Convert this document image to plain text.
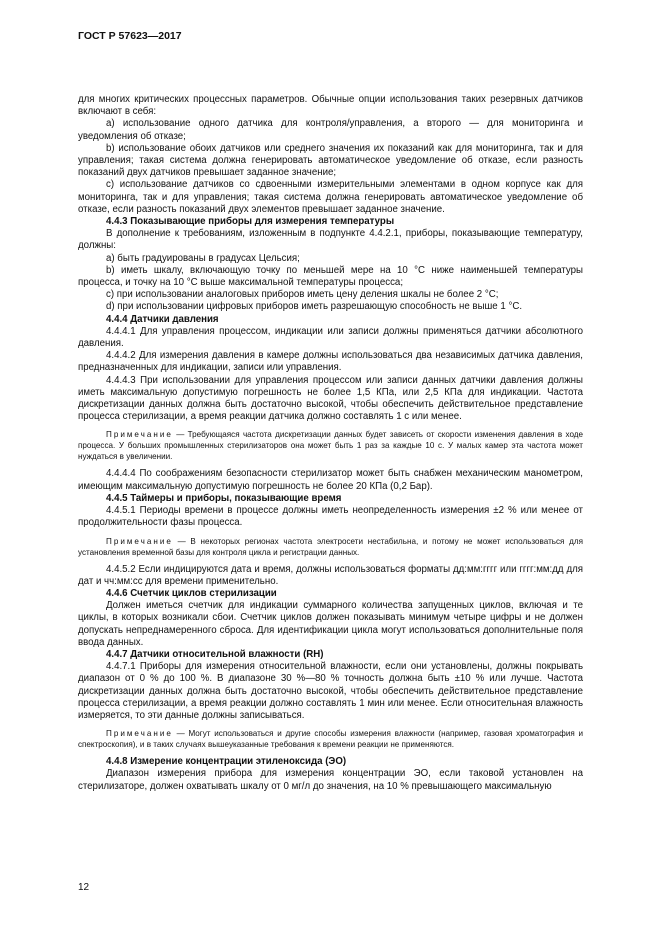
ГОСТ Р 57623—2017

для многих критических процессных параметров. Обычные опции использования таких резервных датчиков включают в себя:

a) использование одного датчика для контроля/управления, а второго — для мониторинга и уведомления об отказе;

b) использование обоих датчиков или среднего значения их показаний как для мониторинга, так и для управления; такая система должна генерировать автоматическое уведомление об отказе, если разность показаний двух датчиков превышает заданное значение;

c) использование датчиков со сдвоенными измерительными элементами в одном корпусе как для мониторинга, так и для управления; такая система должна генерировать автоматическое уведомление об отказе, если разность показаний двух элементов превышает заданное значение.

4.4.3 Показывающие приборы для измерения температуры

В дополнение к требованиям, изложенным в подпункте 4.4.2.1, приборы, показывающие температуру, должны:

a) быть градуированы в градусах Цельсия;

b) иметь шкалу, включающую точку по меньшей мере на 10 °C ниже наименьшей температуры процесса, и точку на 10 °C выше максимальной температуры процесса;

c) при использовании аналоговых приборов иметь цену деления шкалы не более 2 °C;

d) при использовании цифровых приборов иметь разрешающую способность не выше 1 °C.

4.4.4 Датчики давления

4.4.4.1 Для управления процессом, индикации или записи должны применяться датчики абсолютного давления.

4.4.4.2 Для измерения давления в камере должны использоваться два независимых датчика давления, предназначенных для индикации, записи или управления.

4.4.4.3 При использовании для управления процессом или записи данных датчики давления должны иметь максимальную допустимую погрешность не более 1,5 КПа, или 2,5 КПа для индикации. Частота дискретизации данных должна быть достаточно высокой, чтобы обеспечить действительное представление процесса стерилизации, а время реакции датчика должно составлять 1 с или менее.

Примечание — Требующаяся частота дискретизации данных будет зависеть от скорости изменения давления в ходе процесса. У больших промышленных стерилизаторов она может быть 1 раз за каждые 10 с. У малых камер эта частота может нуждаться в увеличении.

4.4.4.4 По соображениям безопасности стерилизатор может быть снабжен механическим манометром, имеющим максимальную допустимую погрешность не более 20 КПа (0,2 Бар).

4.4.5 Таймеры и приборы, показывающие время

4.4.5.1 Периоды времени в процессе должны иметь неопределенность измерения ±2 % или менее от продолжительности фазы процесса.

Примечание — В некоторых регионах частота электросети нестабильна, и потому не может использоваться для установления временной базы для контроля цикла и регистрации данных.

4.4.5.2 Если индицируются дата и время, должны использоваться форматы дд:мм:гггг или гггг:мм:дд для дат и чч:мм:сс для времени применительно.

4.4.6 Счетчик циклов стерилизации

Должен иметься счетчик для индикации суммарного количества запущенных циклов, включая и те циклы, в которых возникали сбои. Счетчик циклов должен показывать минимум четыре цифры и не должен допускать непреднамеренного сброса. Для идентификации цикла могут использоваться дополнительные поля ввода данных.

4.4.7 Датчики относительной влажности (RH)

4.4.7.1 Приборы для измерения относительной влажности, если они установлены, должны покрывать диапазон от 0 % до 100 %. В диапазоне 30 %—80 % точность должна быть ±10 % или лучше. Частота дискретизации данных должна быть достаточно высокой, чтобы обеспечить действительное представление процесса стерилизации, а время реакции должно составлять 1 мин или менее. Если относительная влажность измеряется, то эти данные должны записываться.

Примечание — Могут использоваться и другие способы измерения влажности (например, газовая хроматография и спектроскопия), и в таких случаях вышеуказанные требования к времени реакции не применяются.

4.4.8 Измерение концентрации этиленоксида (ЭО)

Диапазон измерения прибора для измерения концентрации ЭО, если таковой установлен на стерилизаторе, должен охватывать шкалу от 0 мг/л до значения, на 10 % превышающего максимальную

12
